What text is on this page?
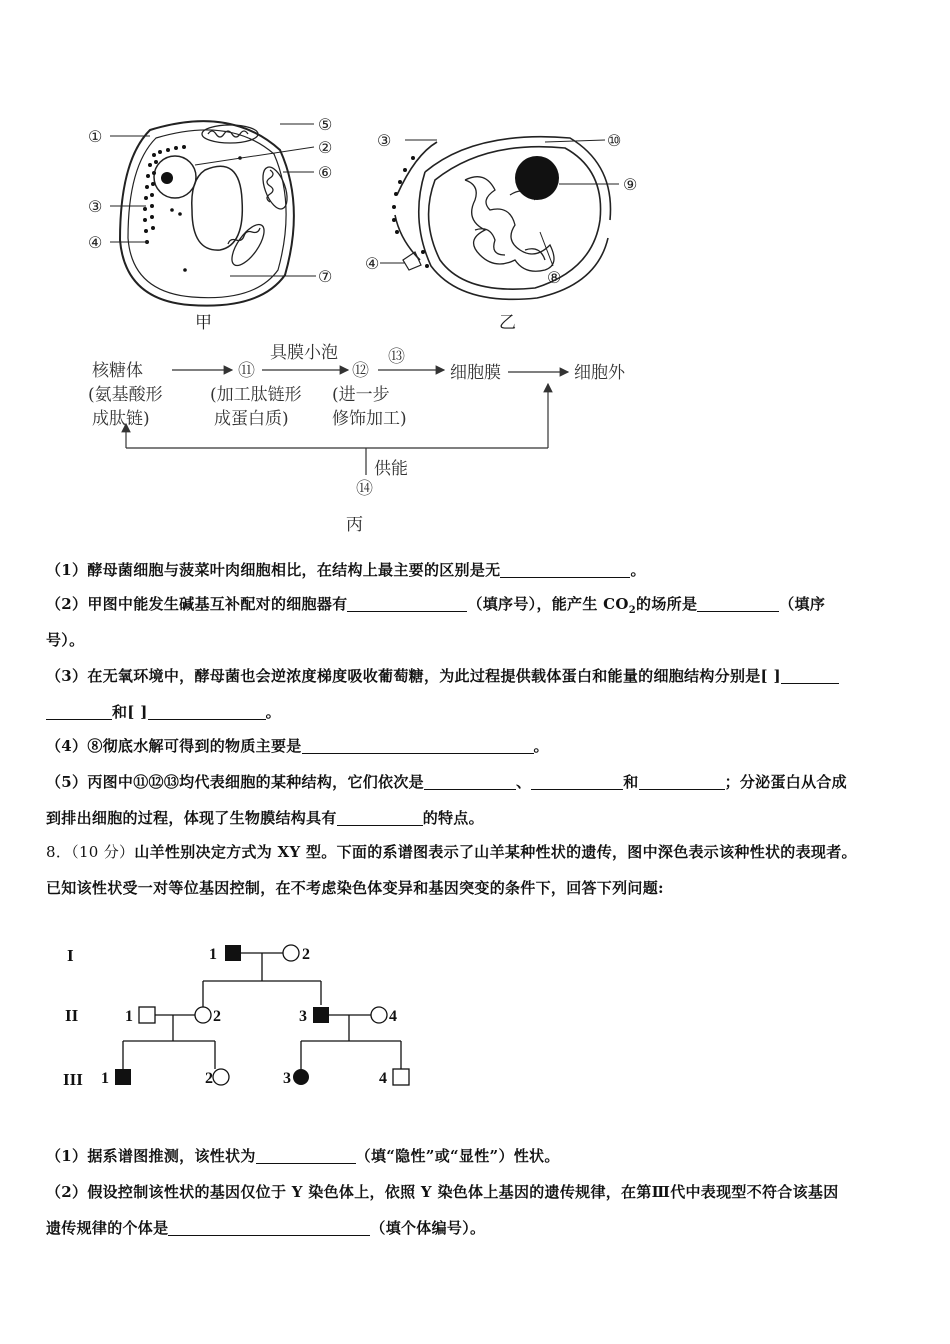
①
⑤
②
⑥
③
④
⑦
甲
③	⑩
⑨
⑧
④
乙
核糖体
(氨基酸形
成肽链)
⑪
(加工肽链形
成蛋白质)
具膜小泡
⑫
(进一步
修饰加工)
⑬
细胞膜	细胞外
供能
⑭
丙
（1）酵母菌细胞与菠菜叶肉细胞相比，在结构上最主要的区别是无	。
（2）甲图中能发生碱基互补配对的细胞器有	（填序号），能产生 $CO_2$的场所是	（填序
号）。
（3）在无氧环境中，酵母菌也会逆浓度梯度吸收葡萄糖，为此过程提供载体蛋白和能量的细胞结构分别是[ ]
和[ ]	。
（4）⑧彻底水解可得到的物质主要是	。
（5）丙图中⑪⑫⑬均代表细胞的某种结构，它们依次是	、	和	；分泌蛋白从合成
到排出细胞的过程，体现了生物膜结构具有	的特点。
8．（10 分）山羊性别决定方式为 XY 型。下面的系谱图表示了山羊某种性状的遗传，图中深色表示该种性状的表现者。
已知该性状受一对等位基因控制，在不考虑染色体变异和基因突变的条件下，回答下列问题:
I
II
III
1	2
1	2	3	4
1	2	3	4
（1）据系谱图推测，该性状为	（填“隐性”或“显性”）性状。
（2）假设控制该性状的基因仅位于 Y 染色体上，依照 Y 染色体上基因的遗传规律，在第Ⅲ代中表现型不符合该基因
遗传规律的个体是	（填个体编号）。
